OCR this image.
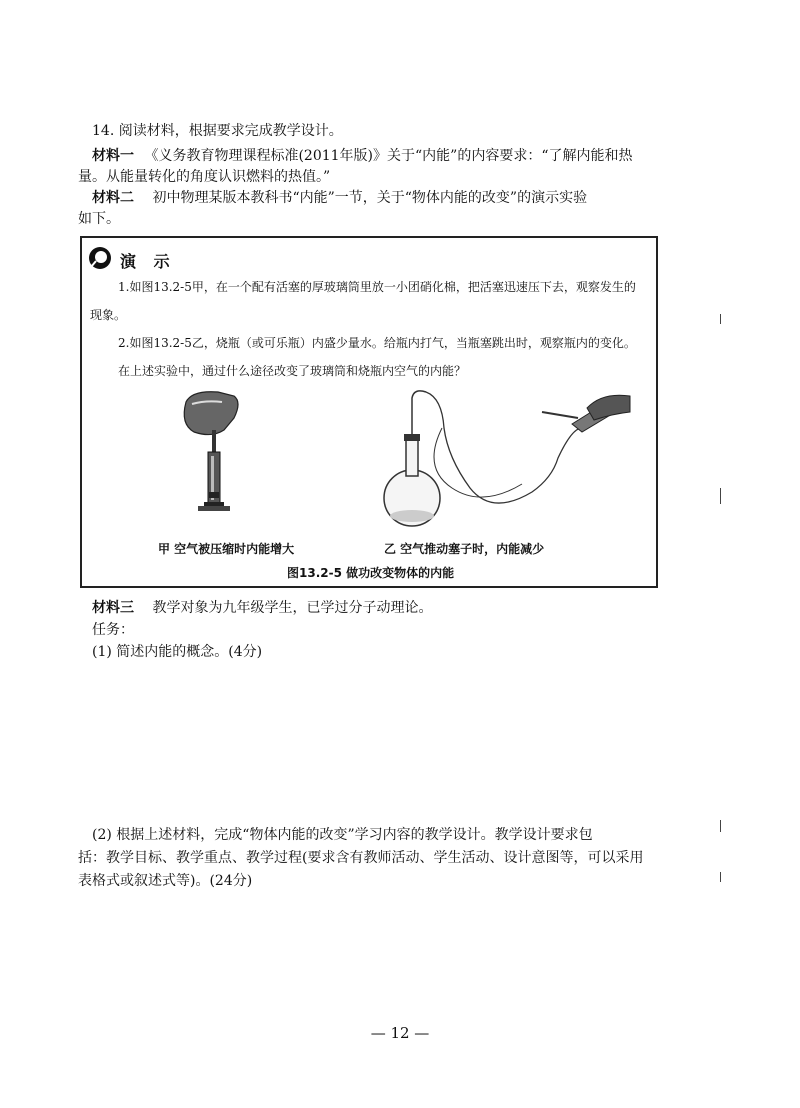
14. 阅读材料，根据要求完成教学设计。
材料一 《义务教育物理课程标准(2011年版)》关于“内能”的内容要求：“了解内能和热
量。从能量转化的角度认识燃料的热值。”
材料二 初中物理某版本教科书“内能”一节，关于“物体内能的改变”的演示实验
如下。
演 示
1.如图13.2-5甲，在一个配有活塞的厚玻璃筒里放一小团硝化棉，把活塞迅速压下去，观察发生的
现象。
2.如图13.2-5乙，烧瓶（或可乐瓶）内盛少量水。给瓶内打气，当瓶塞跳出时，观察瓶内的变化。
在上述实验中，通过什么途径改变了玻璃筒和烧瓶内空气的内能？
甲 空气被压缩时内能增大	乙 空气推动塞子时，内能减少
图13.2-5 做功改变物体的内能
材料三 教学对象为九年级学生，已学过分子动理论。
任务：
(1) 简述内能的概念。(4分)
(2) 根据上述材料，完成“物体内能的改变”学习内容的教学设计。教学设计要求包
括：教学目标、教学重点、教学过程(要求含有教师活动、学生活动、设计意图等，可以采用
表格式或叙述式等)。(24分)
— 12 —
